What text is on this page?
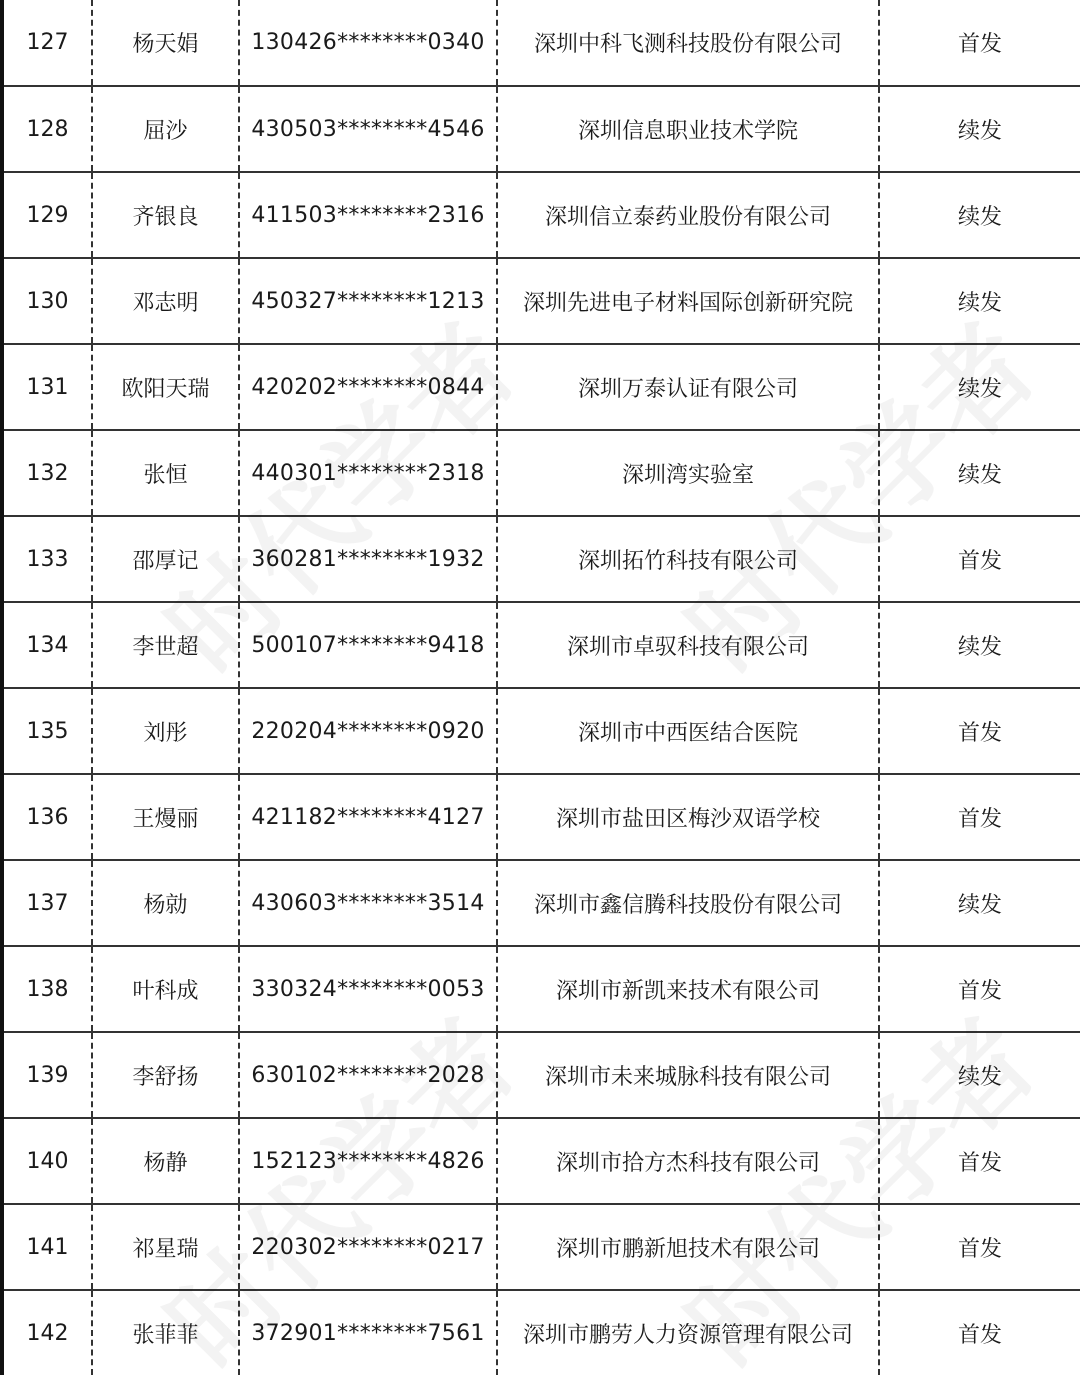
127	杨天娟	130426********0340	深圳中科飞测科技股份有限公司	首发
128	屈沙	430503********4546	深圳信息职业技术学院	续发
129	齐银良	411503********2316	深圳信立泰药业股份有限公司	续发
130	邓志明	450327********1213	深圳先进电子材料国际创新研究院	续发
131	欧阳天瑞	420202********0844	深圳万泰认证有限公司	续发
132	张恒	440301********2318	深圳湾实验室	续发
133	邵厚记	360281********1932	深圳拓竹科技有限公司	首发
134	李世超	500107********9418	深圳市卓驭科技有限公司	续发
135	刘彤	220204********0920	深圳市中西医结合医院	首发
136	王熳丽	421182********4127	深圳市盐田区梅沙双语学校	首发
137	杨勍	430603********3514	深圳市鑫信腾科技股份有限公司	续发
138	叶科成	330324********0053	深圳市新凯来技术有限公司	首发
139	李舒扬	630102********2028	深圳市未来城脉科技有限公司	续发
140	杨静	152123********4826	深圳市拾方杰科技有限公司	首发
141	祁星瑞	220302********0217	深圳市鹏新旭技术有限公司	首发
142	张菲菲	372901********7561	深圳市鹏劳人力资源管理有限公司	首发
